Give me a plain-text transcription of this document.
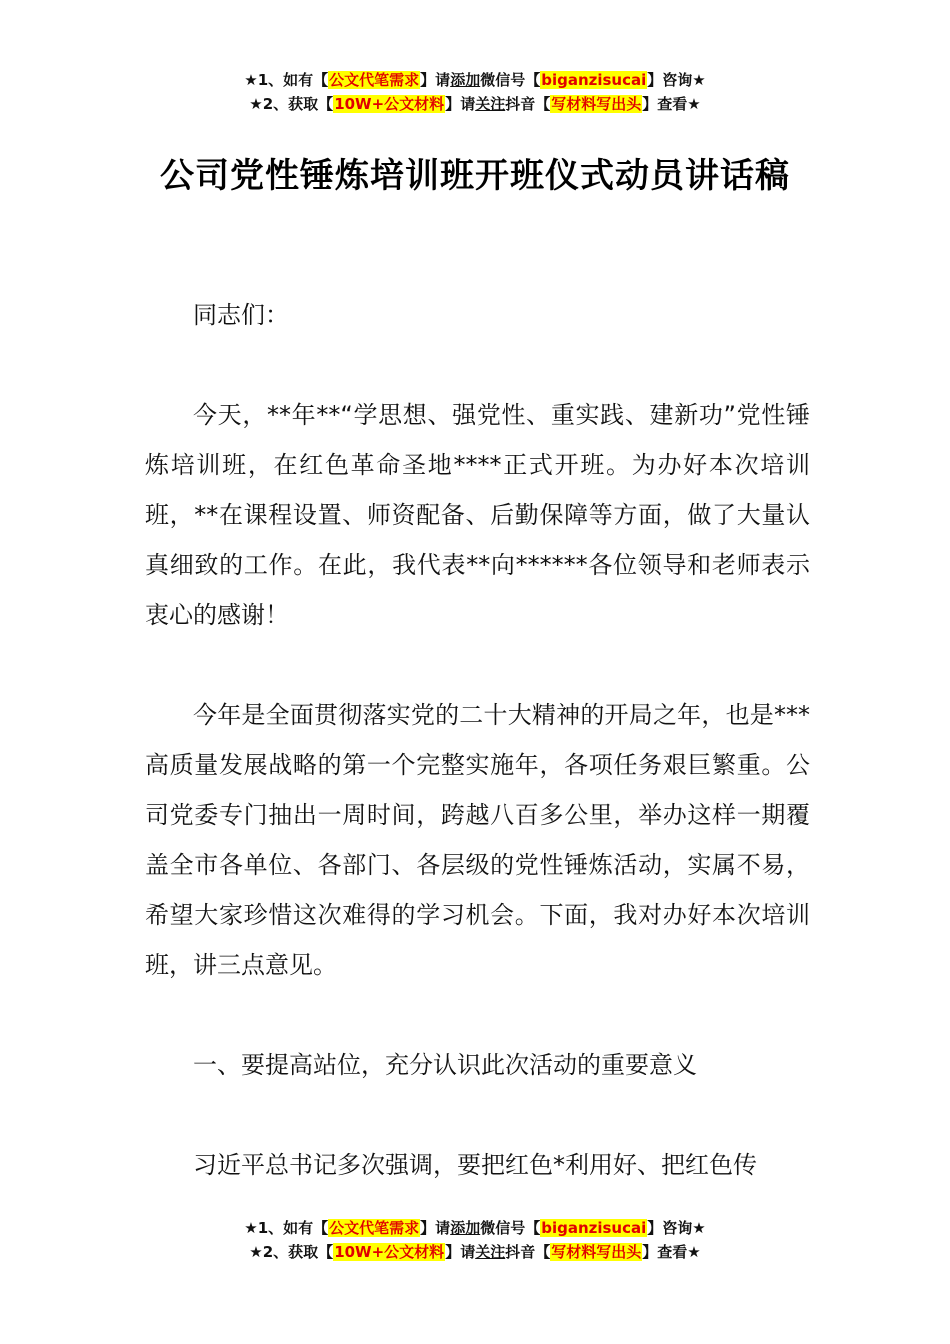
★1、如有【公文代笔需求】请添加微信号【biganzisucai】咨询★
★2、获取【10W+公文材料】请关注抖音【写材料写出头】查看★
公司党性锤炼培训班开班仪式动员讲话稿

同志们：

今天，**年**“学思想、强党性、重实践、建新功”党性锤炼培训班，在红色革命圣地****正式开班。为办好本次培训班，**在课程设置、师资配备、后勤保障等方面，做了大量认真细致的工作。在此，我代表**向******各位领导和老师表示衷心的感谢！

今年是全面贯彻落实党的二十大精神的开局之年，也是***高质量发展战略的第一个完整实施年，各项任务艰巨繁重。公司党委专门抽出一周时间，跨越八百多公里，举办这样一期覆盖全市各单位、各部门、各层级的党性锤炼活动，实属不易，希望大家珍惜这次难得的学习机会。下面，我对办好本次培训班，讲三点意见。

一、要提高站位，充分认识此次活动的重要意义

习近平总书记多次强调，要把红色*利用好、把红色传

★1、如有【公文代笔需求】请添加微信号【biganzisucai】咨询★
★2、获取【10W+公文材料】请关注抖音【写材料写出头】查看★
